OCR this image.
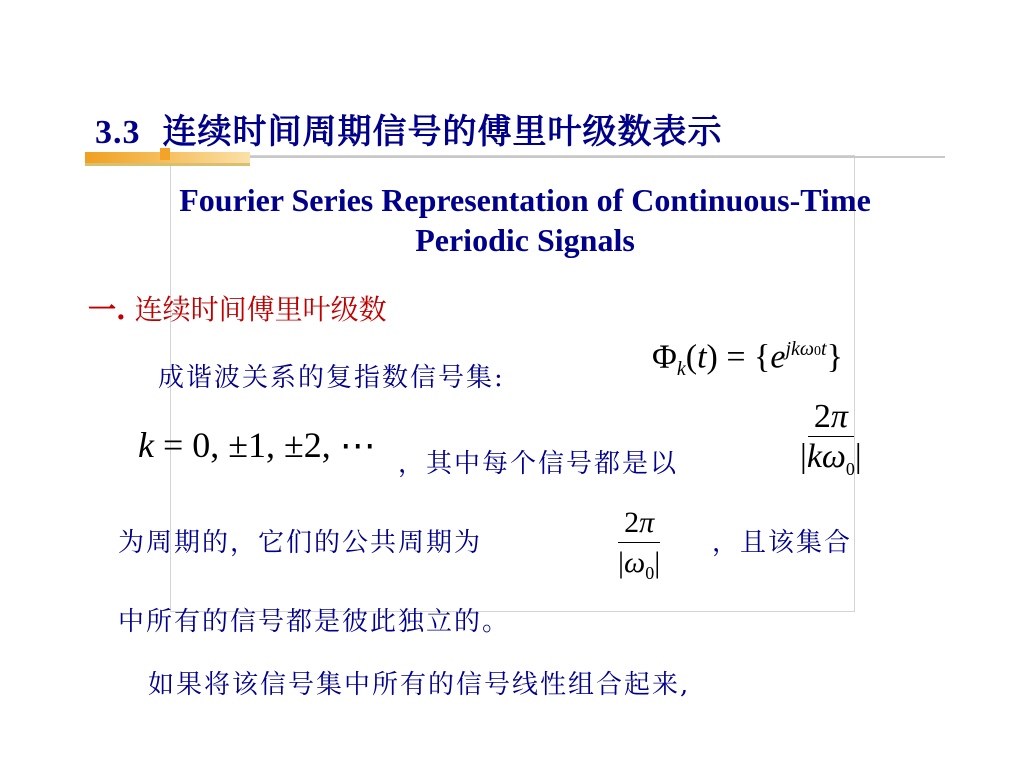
3.3 连续时间周期信号的傅里叶级数表示
Fourier Series Representation of Continuous-Time
Periodic Signals
一. 连续时间傅里叶级数
成谐波关系的复指数信号集:
$\Phi_k(t) = \{e^{jk\omega 0t}\}$
k = 0, ±1, ±2, ⋯ ，其中每个信号都是以	$\frac{2\pi}{|k\omega_0|}$
为周期的，它们的公共周期为	$\frac{2\pi}{|\omega_0|}$ ，且该集合
中所有的信号都是彼此独立的。
如果将该信号集中所有的信号线性组合起来,
